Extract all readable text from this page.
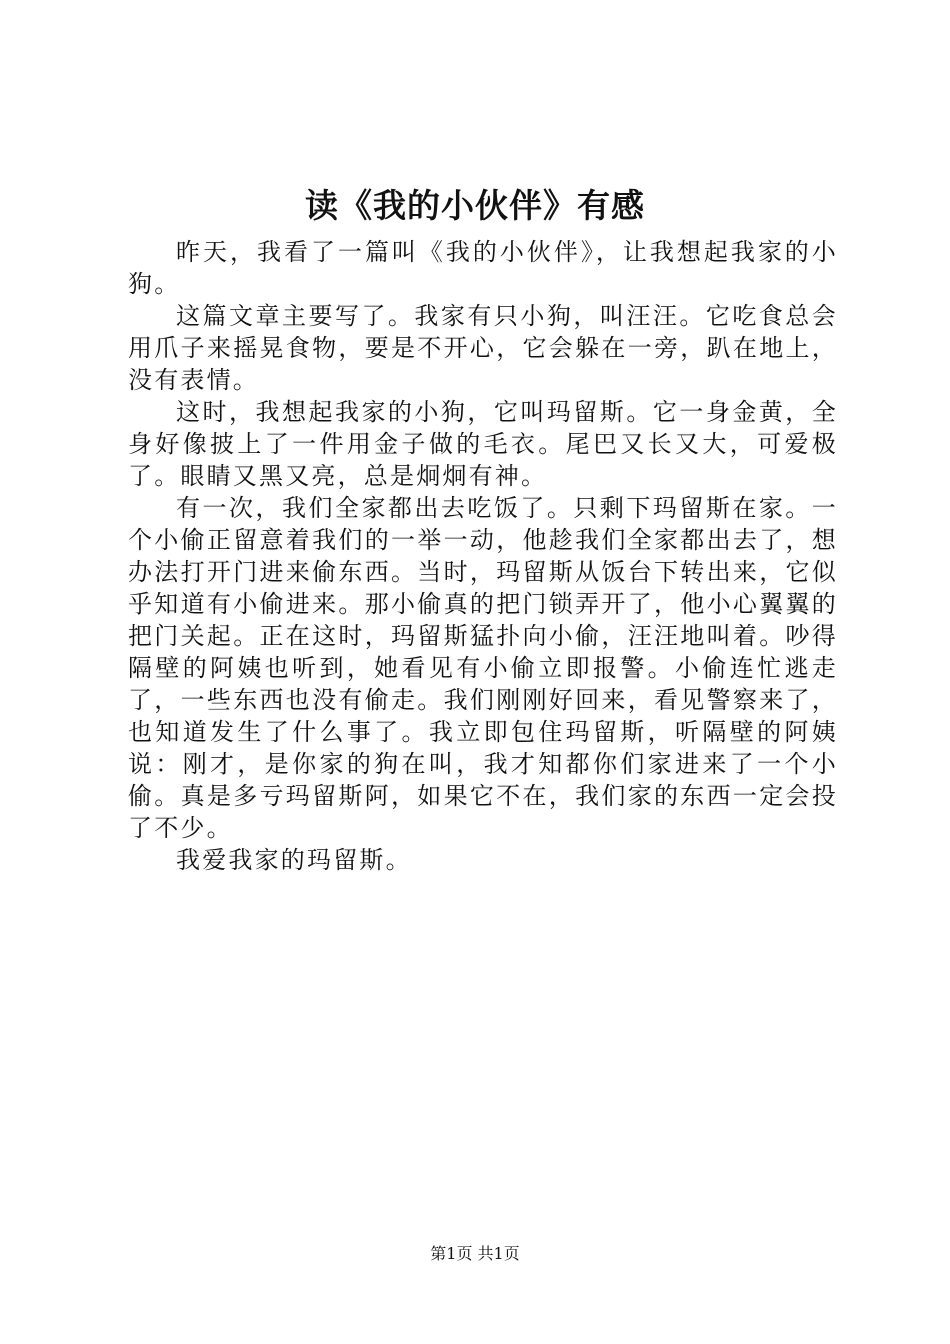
读《我的小伙伴》有感

昨天，我看了一篇叫《我的小伙伴》，让我想起我家的小狗。

这篇文章主要写了。我家有只小狗，叫汪汪。它吃食总会用爪子来摇晃食物，要是不开心，它会躲在一旁，趴在地上，没有表情。

这时，我想起我家的小狗，它叫玛留斯。它一身金黄，全身好像披上了一件用金子做的毛衣。尾巴又长又大，可爱极了。眼睛又黑又亮，总是炯炯有神。

有一次，我们全家都出去吃饭了。只剩下玛留斯在家。一个小偷正留意着我们的一举一动，他趁我们全家都出去了，想办法打开门进来偷东西。当时，玛留斯从饭台下转出来，它似乎知道有小偷进来。那小偷真的把门锁弄开了，他小心翼翼的把门关起。正在这时，玛留斯猛扑向小偷，汪汪地叫着。吵得隔壁的阿姨也听到，她看见有小偷立即报警。小偷连忙逃走了，一些东西也没有偷走。我们刚刚好回来，看见警察来了，也知道发生了什么事了。我立即包住玛留斯，听隔壁的阿姨说：刚才，是你家的狗在叫，我才知都你们家进来了一个小偷。真是多亏玛留斯阿，如果它不在，我们家的东西一定会投了不少。

我爱我家的玛留斯。

第1页 共1页
